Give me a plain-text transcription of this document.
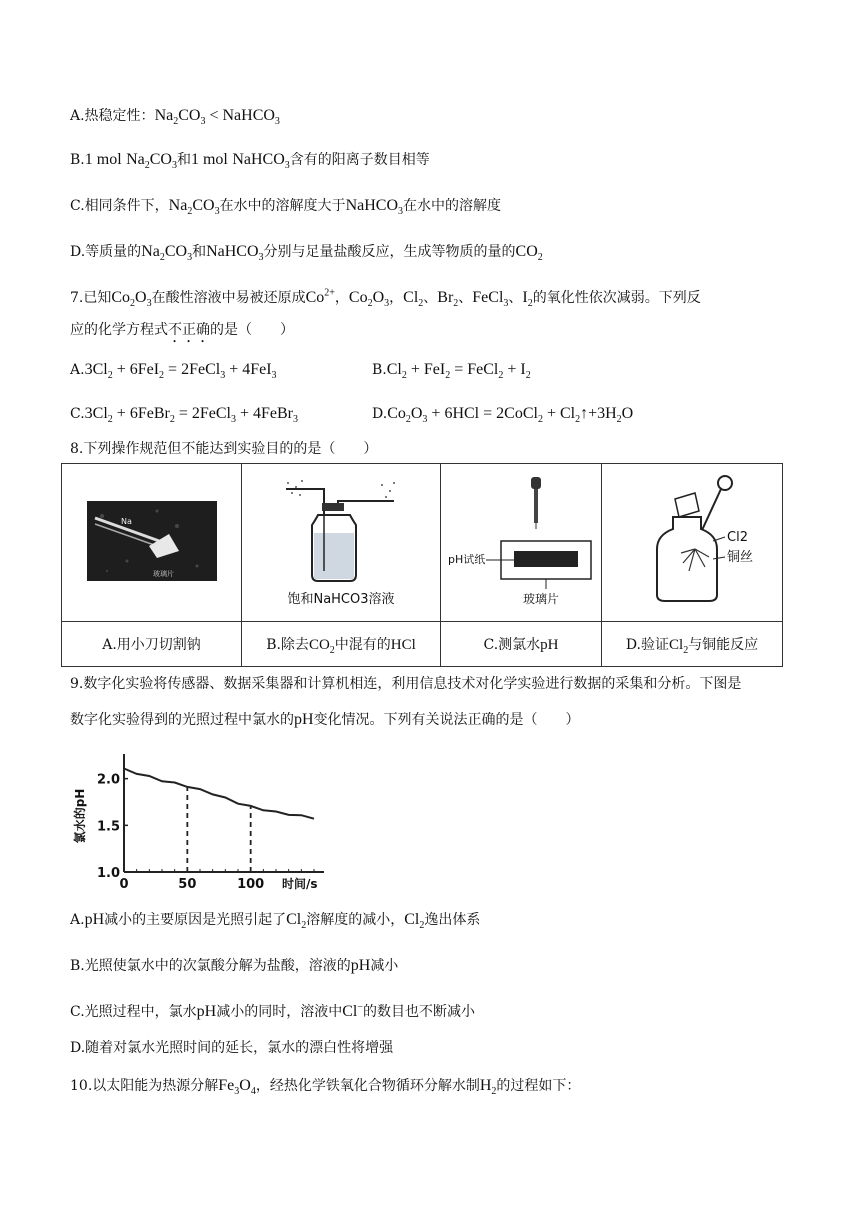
A.热稳定性：$Na_2CO_3$ < NaHCO$_3$
B.1 mol $Na_2CO_3$和1 mol NaHCO$_3$含有的阳离子数目相等
C.相同条件下，$Na_2CO_3$在水中的溶解度大于NaHCO$_3$在水中的溶解度
D.等质量的$Na_2CO_3$和NaHCO$_3$分别与足量盐酸反应，生成等物质的量的$CO_2$
7.已知$Co_2O_3$在酸性溶液中易被还原成$Co^{2+}$，$Co_2O_3$，$Cl_2$、$Br_2$、FeCl$_3$、$I_2$的氧化性依次减弱。下列反
应的化学方程式不正确的是（　　）
$A.3Cl_2 + 6FeI_2$ = 2FeCl$_3$ + 4FeI$_3$	$B.Cl_2 + FeI_2$ = FeCl$_2$ + $I_2$
$C.3Cl_2$ + 6FeBr$_2$ = 2FeCl$_3$ + 4FeBr$_3$	$D.Co_2O_3 + 6HCl$ = 2CoCl$_2$ + $Cl_2↑+3H_2O$
8.下列操作规范但不能达到实验目的的是（　　）
Na
玻璃片	饱和NaHCO3溶液	pH试纸
玻璃片	Cl2
铜丝

A.用小刀切割钠	B.除去$CO_2$中混有的HCl	C.测氯水pH	D.验证$Cl_2$与铜能反应
9.数字化实验将传感器、数据采集器和计算机相连，利用信息技术对化学实验进行数据的采集和分析。下图是
数字化实验得到的光照过程中氯水的pH变化情况。下列有关说法正确的是（　　）
1.0
1.5
2.0
0	50	100
氯水的pH
时间/s
A.pH减小的主要原因是光照引起了$Cl_2$溶解度的减小，$Cl_2$逸出体系
B.光照使氯水中的次氯酸分解为盐酸，溶液的pH减小
C.光照过程中，氯水pH减小的同时，溶液中Cl−的数目也不断减小
D.随着对氯水光照时间的延长，氯水的漂白性将增强
10.以太阳能为热源分解$Fe_3O_4$，经热化学铁氧化合物循环分解水制$H_2$的过程如下：
